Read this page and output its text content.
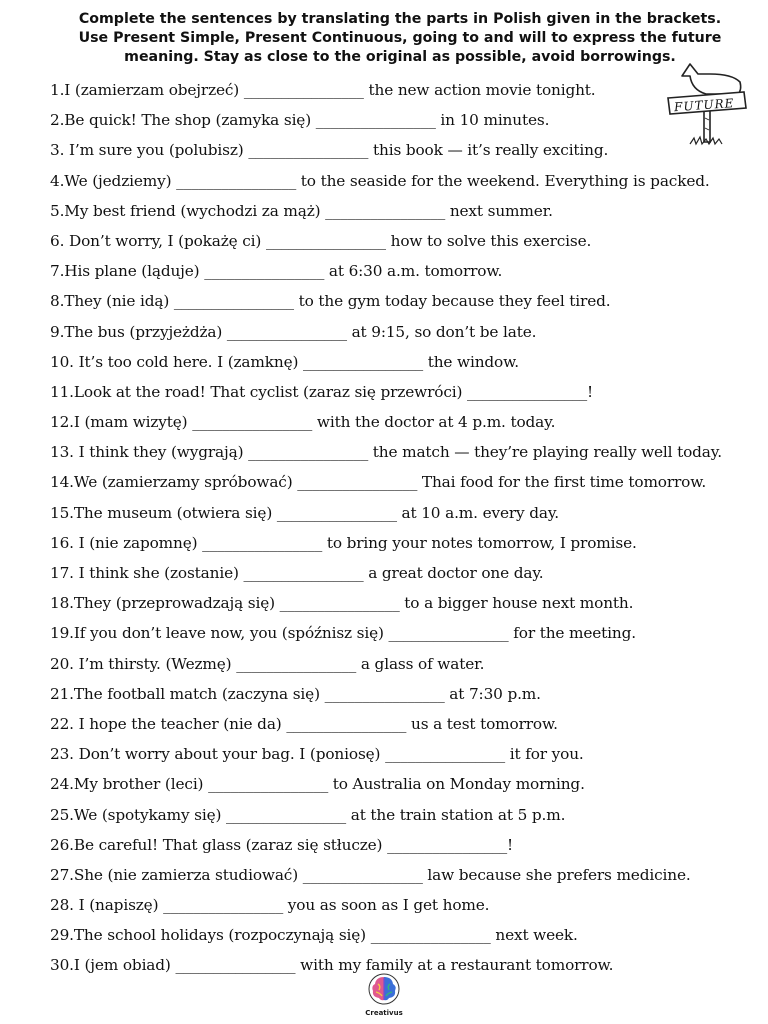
Complete the sentences by translating the parts in Polish given in the brackets.
Use Present Simple, Present Continuous, going to and will to express the future
meaning. Stay as close to the original as possible, avoid borrowings.
FUTURE
1.I (zamierzam obejrzeć) ________________ the new action movie tonight.
2.Be quick! The shop (zamyka się) ________________ in 10 minutes.
3. I’m sure you (polubisz) ________________ this book — it’s really exciting.
4.We (jedziemy) ________________ to the seaside for the weekend. Everything is packed.
5.My best friend (wychodzi za mąż) ________________ next summer.
6. Don’t worry, I (pokażę ci) ________________ how to solve this exercise.
7.His plane (ląduje) ________________ at 6:30 a.m. tomorrow.
8.They (nie idą) ________________ to the gym today because they feel tired.
9.The bus (przyjeżdża) ________________ at 9:15, so don’t be late.
10. It’s too cold here. I (zamknę) ________________ the window.
11.Look at the road! That cyclist (zaraz się przewróci) ________________!
12.I (mam wizytę) ________________ with the doctor at 4 p.m. today.
13. I think they (wygrają) ________________ the match — they’re playing really well today.
14.We (zamierzamy spróbować) ________________ Thai food for the first time tomorrow.
15.The museum (otwiera się) ________________ at 10 a.m. every day.
16. I (nie zapomnę) ________________ to bring your notes tomorrow, I promise.
17. I think she (zostanie) ________________ a great doctor one day.
18.They (przeprowadzają się) ________________ to a bigger house next month.
19.If you don’t leave now, you (spóźnisz się) ________________ for the meeting.
20. I’m thirsty. (Wezmę) ________________ a glass of water.
21.The football match (zaczyna się) ________________ at 7:30 p.m.
22. I hope the teacher (nie da) ________________ us a test tomorrow.
23. Don’t worry about your bag. I (poniosę) ________________ it for you.
24.My brother (leci) ________________ to Australia on Monday morning.
25.We (spotykamy się) ________________ at the train station at 5 p.m.
26.Be careful! That glass (zaraz się stłucze) ________________!
27.She (nie zamierza studiować) ________________ law because she prefers medicine.
28. I (napiszę) ________________ you as soon as I get home.
29.The school holidays (rozpoczynają się) ________________ next week.
30.I (jem obiad) ________________ with my family at a restaurant tomorrow.
Creativus
